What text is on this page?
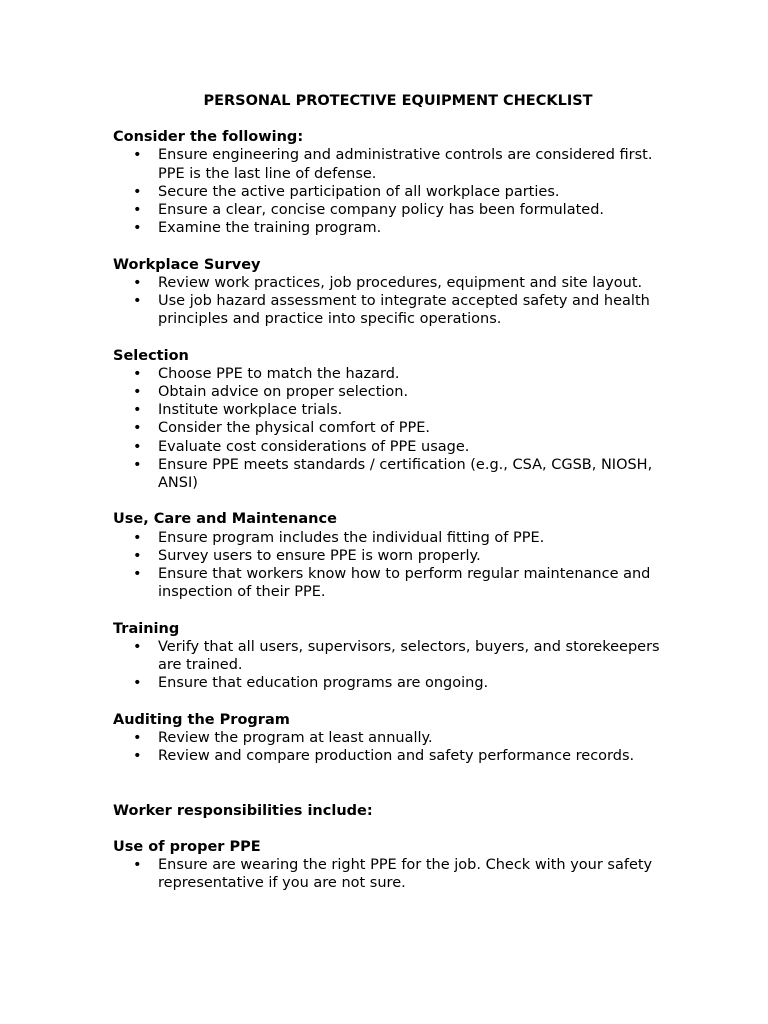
PERSONAL PROTECTIVE EQUIPMENT CHECKLIST
Consider the following:
• Ensure engineering and administrative controls are considered first. PPE is the last line of defense.
• Secure the active participation of all workplace parties.
• Ensure a clear, concise company policy has been formulated.
• Examine the training program.
Workplace Survey
• Review work practices, job procedures, equipment and site layout.
• Use job hazard assessment to integrate accepted safety and health principles and practice into specific operations.
Selection
• Choose PPE to match the hazard.
• Obtain advice on proper selection.
• Institute workplace trials.
• Consider the physical comfort of PPE.
• Evaluate cost considerations of PPE usage.
• Ensure PPE meets standards / certification (e.g., CSA, CGSB, NIOSH, ANSI)
Use, Care and Maintenance
• Ensure program includes the individual fitting of PPE.
• Survey users to ensure PPE is worn properly.
• Ensure that workers know how to perform regular maintenance and inspection of their PPE.
Training
• Verify that all users, supervisors, selectors, buyers, and storekeepers are trained.
• Ensure that education programs are ongoing.
Auditing the Program
• Review the program at least annually.
• Review and compare production and safety performance records.
Worker responsibilities include:
Use of proper PPE
• Ensure are wearing the right PPE for the job. Check with your safety representative if you are not sure.
